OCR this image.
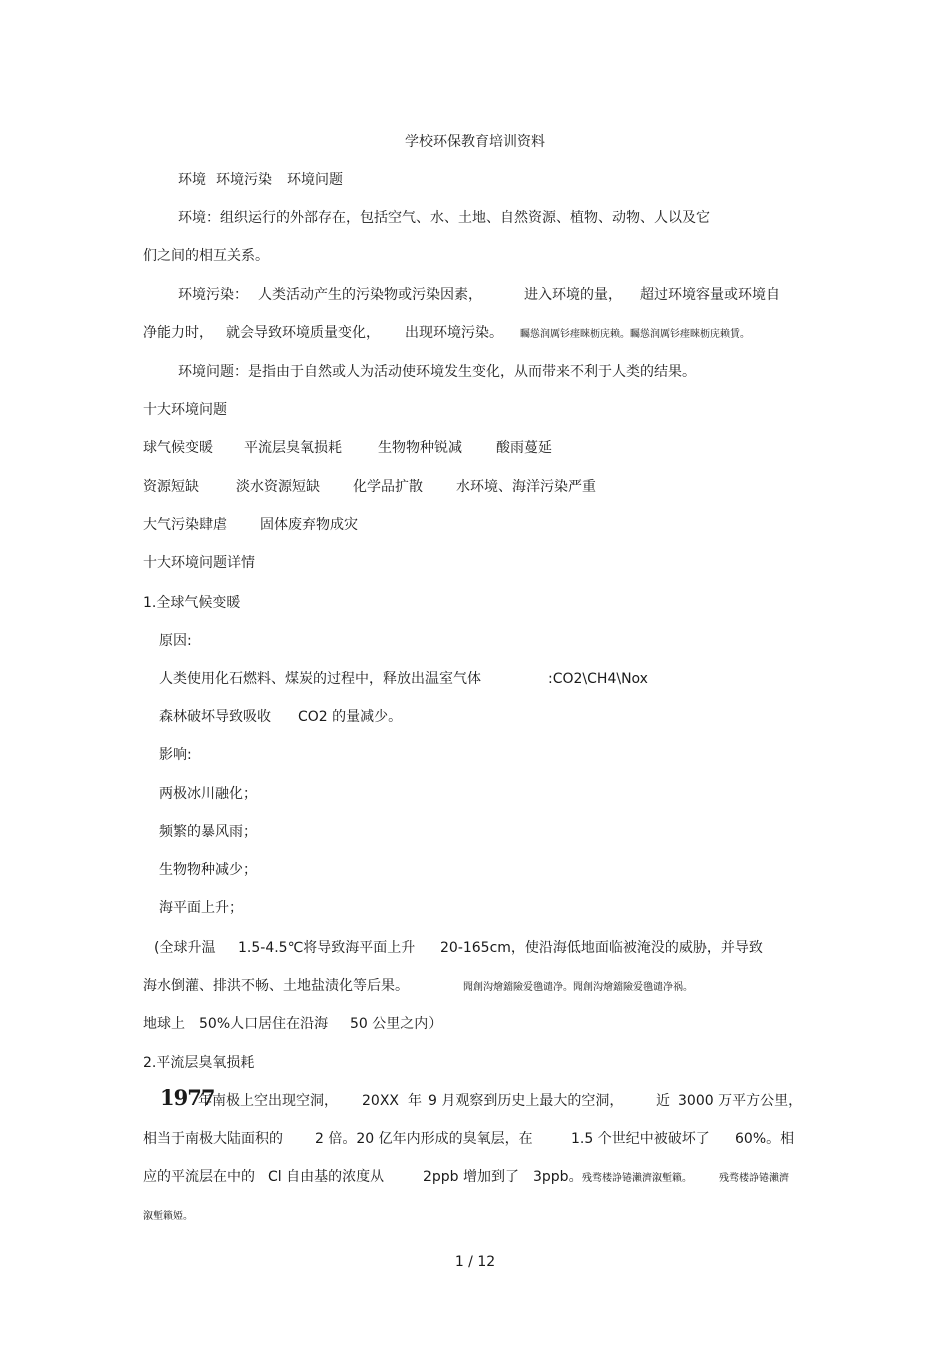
学校环保教育培训资料
环境 环境污染 环境问题
环境：组织运行的外部存在，包括空气、水、土地、自然资源、植物、动物、人以及它
们之间的相互关系。
环境污染： 人类活动产生的污染物或污染因素，	进入环境的量， 超过环境容量或环境自
净能力时， 就会导致环境质量变化， 出现环境污染。 矚慫润厲钐瘗睞枥庑赖。矚慫润厲钐瘗睞枥庑赖賃。
环境问题：是指由于自然或人为活动使环境发生变化，从而带来不利于人类的结果。
十大环境问题
球气候变暖 平流层臭氧损耗	生物物种锐减 酸雨蔓延
资源短缺	淡水资源短缺 化学品扩散 水环境、海洋污染严重
大气污染肆虐 固体废弃物成灾
十大环境问题详情
1.全球气候变暖
原因:
人类使用化石燃料、煤炭的过程中，释放出温室气体	:CO2\CH4\Nox
森林破坏导致吸收 CO2 的量减少。
影响:
两极冰川融化；
频繁的暴风雨；
生物物种减少；
海平面上升；
(全球升温 1.5-4.5℃将导致海平面上升 20-165cm，使沿海低地面临被淹没的威胁，并导致
海水倒灌、排洪不畅、土地盐渍化等后果。	聞創沟燴鐺險爱氇谴净。聞創沟燴鐺險爱氇谴净祸。
地球上 50%人口居住在沿海 50 公里之内）
2.平流层臭氧损耗
1977
年南极上空出现空洞， 20XX 年 9 月观察到历史上最大的空洞， 近 3000 万平方公里，
相当于南极大陆面积的 2 倍。20 亿年内形成的臭氧层，在	1.5 个世纪中被破坏了 60%。相
应的平流层在中的 Cl 自由基的浓度从	2ppb 增加到了 3ppb。 残骛楼諍锩瀨濟溆塹籟。	残骛楼諍锩瀨濟
溆塹籟婭。
1 / 12
